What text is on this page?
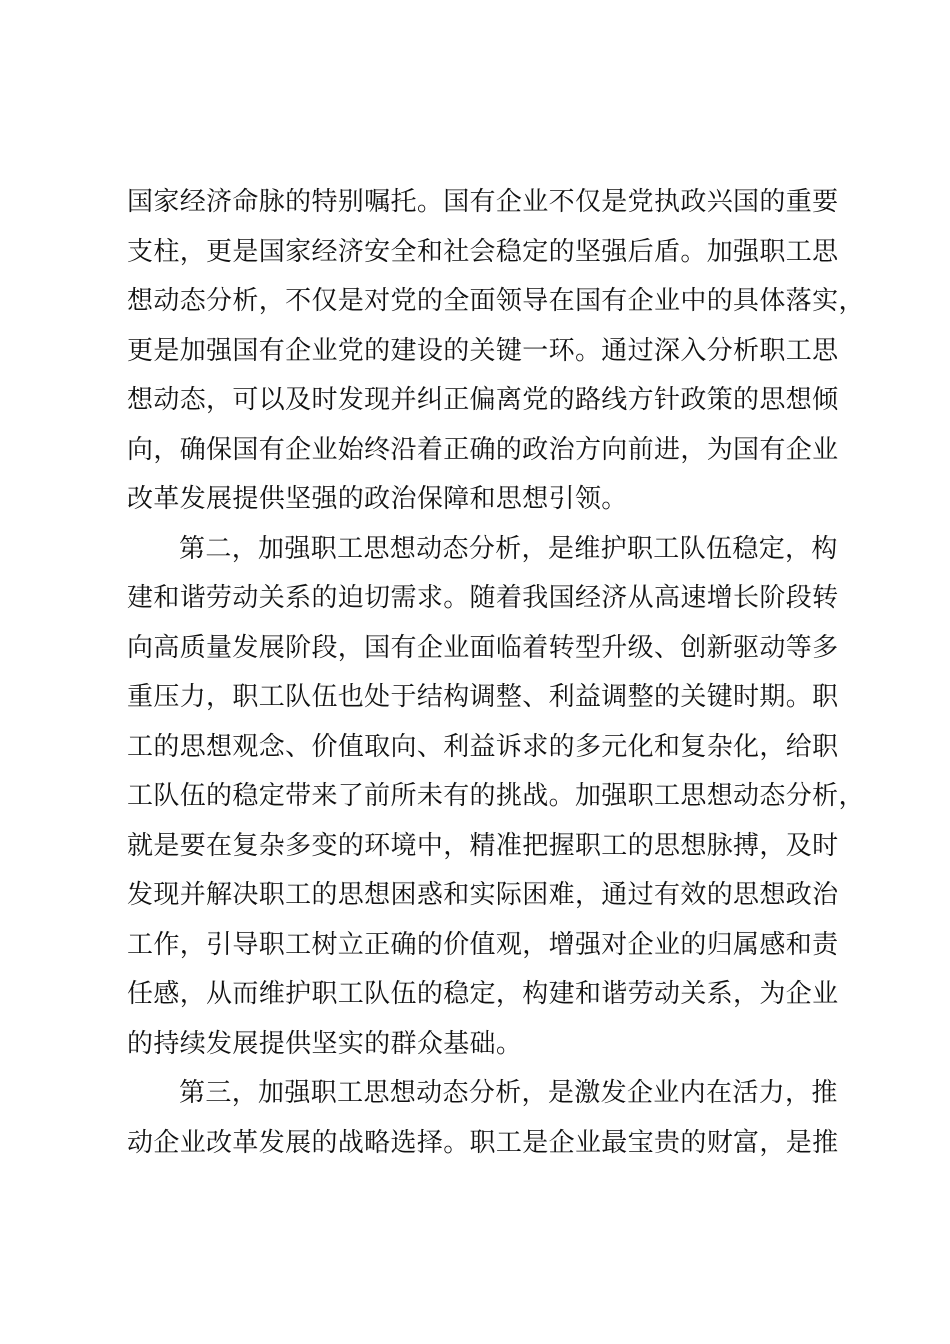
国家经济命脉的特别嘱托。国有企业不仅是党执政兴国的重要
支柱，更是国家经济安全和社会稳定的坚强后盾。加强职工思
想动态分析，不仅是对党的全面领导在国有企业中的具体落实，
更是加强国有企业党的建设的关键一环。通过深入分析职工思
想动态，可以及时发现并纠正偏离党的路线方针政策的思想倾
向，确保国有企业始终沿着正确的政治方向前进，为国有企业
改革发展提供坚强的政治保障和思想引领。

第二，加强职工思想动态分析，是维护职工队伍稳定，构
建和谐劳动关系的迫切需求。随着我国经济从高速增长阶段转
向高质量发展阶段，国有企业面临着转型升级、创新驱动等多
重压力，职工队伍也处于结构调整、利益调整的关键时期。职
工的思想观念、价值取向、利益诉求的多元化和复杂化，给职
工队伍的稳定带来了前所未有的挑战。加强职工思想动态分析，
就是要在复杂多变的环境中，精准把握职工的思想脉搏，及时
发现并解决职工的思想困惑和实际困难，通过有效的思想政治
工作，引导职工树立正确的价值观，增强对企业的归属感和责
任感，从而维护职工队伍的稳定，构建和谐劳动关系，为企业
的持续发展提供坚实的群众基础。

第三，加强职工思想动态分析，是激发企业内在活力，推
动企业改革发展的战略选择。职工是企业最宝贵的财富，是推
